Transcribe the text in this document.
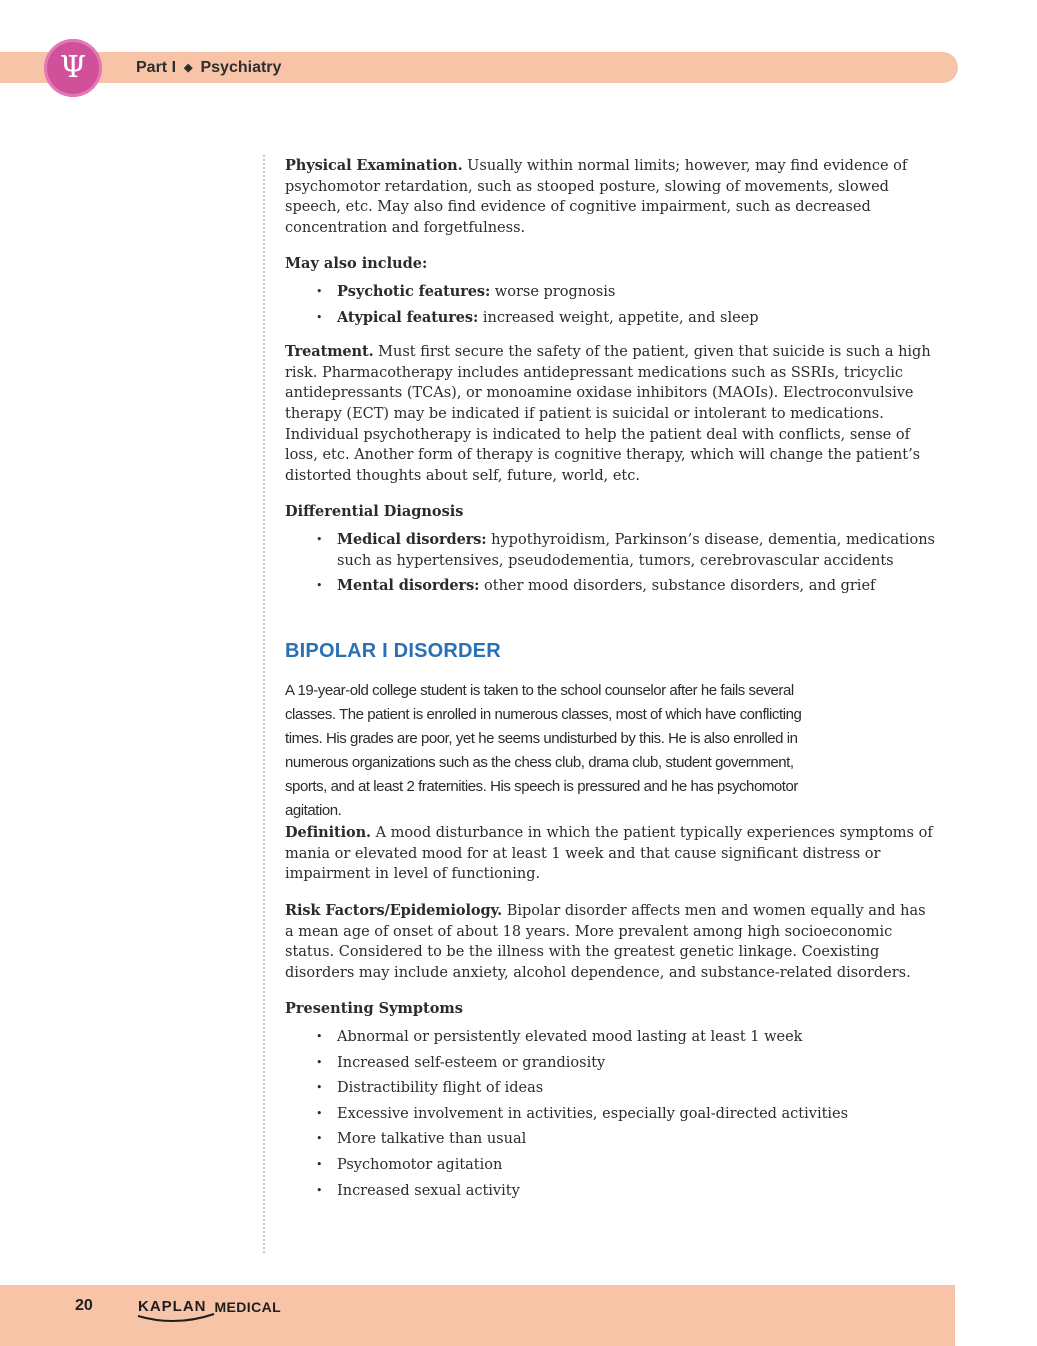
Ψ	Part I ◆ Psychiatry

Physical Examination. Usually within normal limits; however, may find evidence of psychomotor retardation, such as stooped posture, slowing of movements, slowed speech, etc. May also find evidence of cognitive impairment, such as decreased concentration and forgetfulness.

May also include:

• Psychotic features: worse prognosis
• Atypical features: increased weight, appetite, and sleep

Treatment. Must first secure the safety of the patient, given that suicide is such a high risk. Pharmacotherapy includes antidepressant medications such as SSRIs, tricyclic antidepressants (TCAs), or monoamine oxidase inhibitors (MAOIs). Electroconvulsive therapy (ECT) may be indicated if patient is suicidal or intolerant to medications. Individual psychotherapy is indicated to help the patient deal with conflicts, sense of loss, etc. Another form of therapy is cognitive therapy, which will change the patient’s distorted thoughts about self, future, world, etc.

Differential Diagnosis

• Medical disorders: hypothyroidism, Parkinson’s disease, dementia, medications such as hypertensives, pseudodementia, tumors, cerebrovascular accidents
• Mental disorders: other mood disorders, substance disorders, and grief
BIPOLAR I DISORDER

A 19-year-old college student is taken to the school counselor after he fails several classes. The patient is enrolled in numerous classes, most of which have conflicting times. His grades are poor, yet he seems undisturbed by this. He is also enrolled in numerous organizations such as the chess club, drama club, student government, sports, and at least 2 fraternities. His speech is pressured and he has psychomotor agitation.

Definition. A mood disturbance in which the patient typically experiences symptoms of mania or elevated mood for at least 1 week and that cause significant distress or impairment in level of functioning.

Risk Factors/Epidemiology. Bipolar disorder affects men and women equally and has a mean age of onset of about 18 years. More prevalent among high socioeconomic status. Considered to be the illness with the greatest genetic linkage. Coexisting disorders may include anxiety, alcohol dependence, and substance-related disorders.

Presenting Symptoms

• Abnormal or persistently elevated mood lasting at least 1 week
• Increased self-esteem or grandiosity
• Distractibility flight of ideas
• Excessive involvement in activities, especially goal-directed activities
• More talkative than usual
• Psychomotor agitation
• Increased sexual activity
20	KAPLAN MEDICAL
